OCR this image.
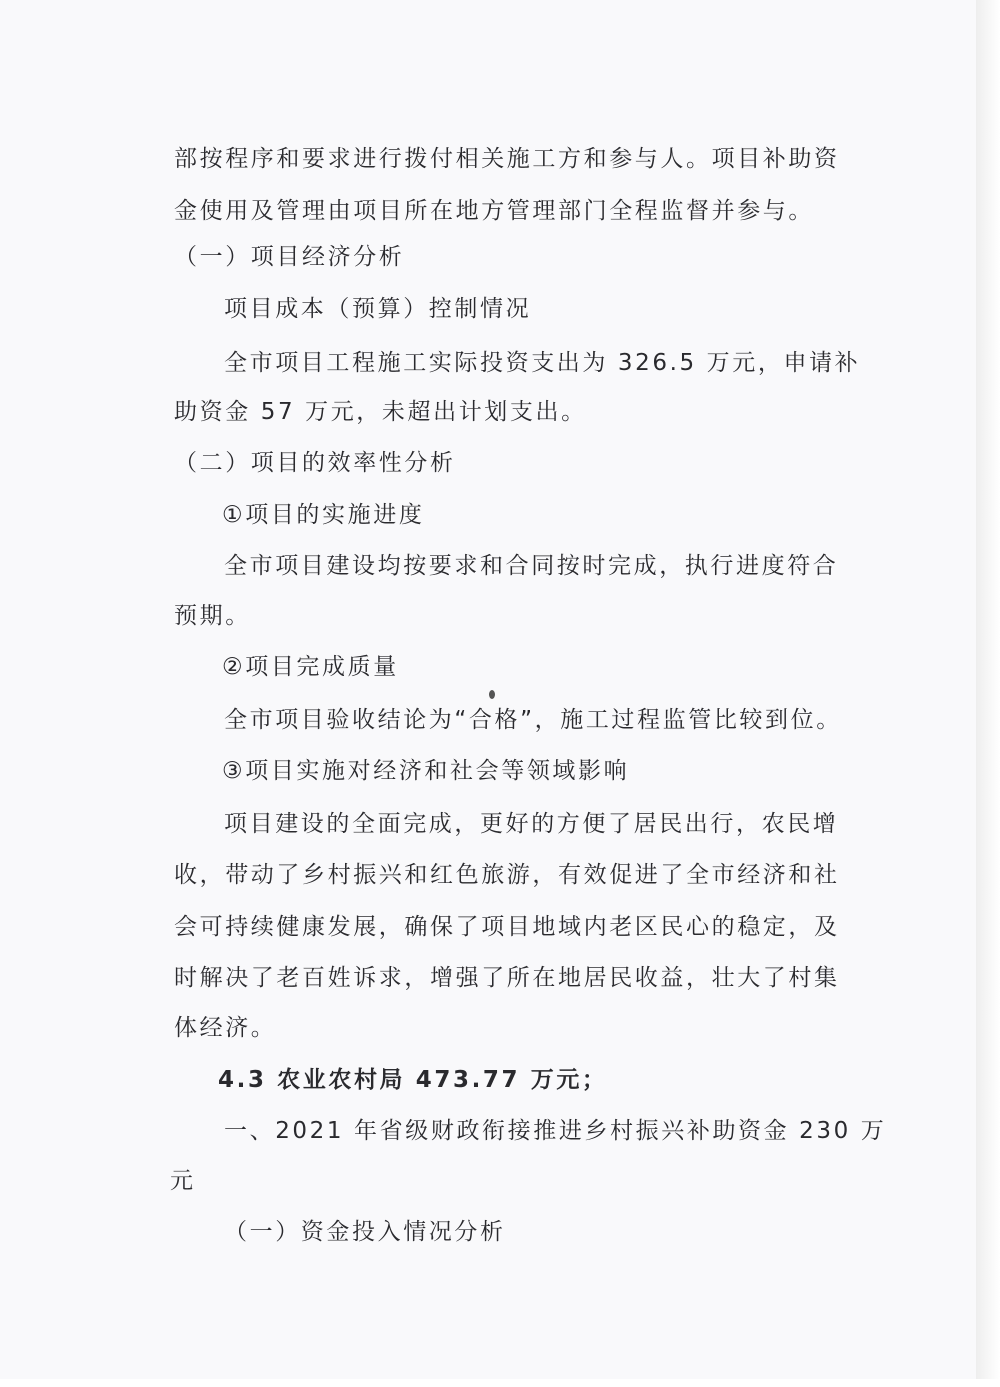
部按程序和要求进行拨付相关施工方和参与人。项目补助资
金使用及管理由项目所在地方管理部门全程监督并参与。
（一）项目经济分析
项目成本（预算）控制情况
全市项目工程施工实际投资支出为 326.5 万元，申请补
助资金 57 万元，未超出计划支出。
（二）项目的效率性分析
①项目的实施进度
全市项目建设均按要求和合同按时完成，执行进度符合
预期。
②项目完成质量
全市项目验收结论为“合格”，施工过程监管比较到位。
③项目实施对经济和社会等领域影响
项目建设的全面完成，更好的方便了居民出行，农民增
收，带动了乡村振兴和红色旅游，有效促进了全市经济和社
会可持续健康发展，确保了项目地域内老区民心的稳定，及
时解决了老百姓诉求，增强了所在地居民收益，壮大了村集
体经济。
4.3 农业农村局 473.77 万元；
一、2021 年省级财政衔接推进乡村振兴补助资金 230 万
元
（一）资金投入情况分析
